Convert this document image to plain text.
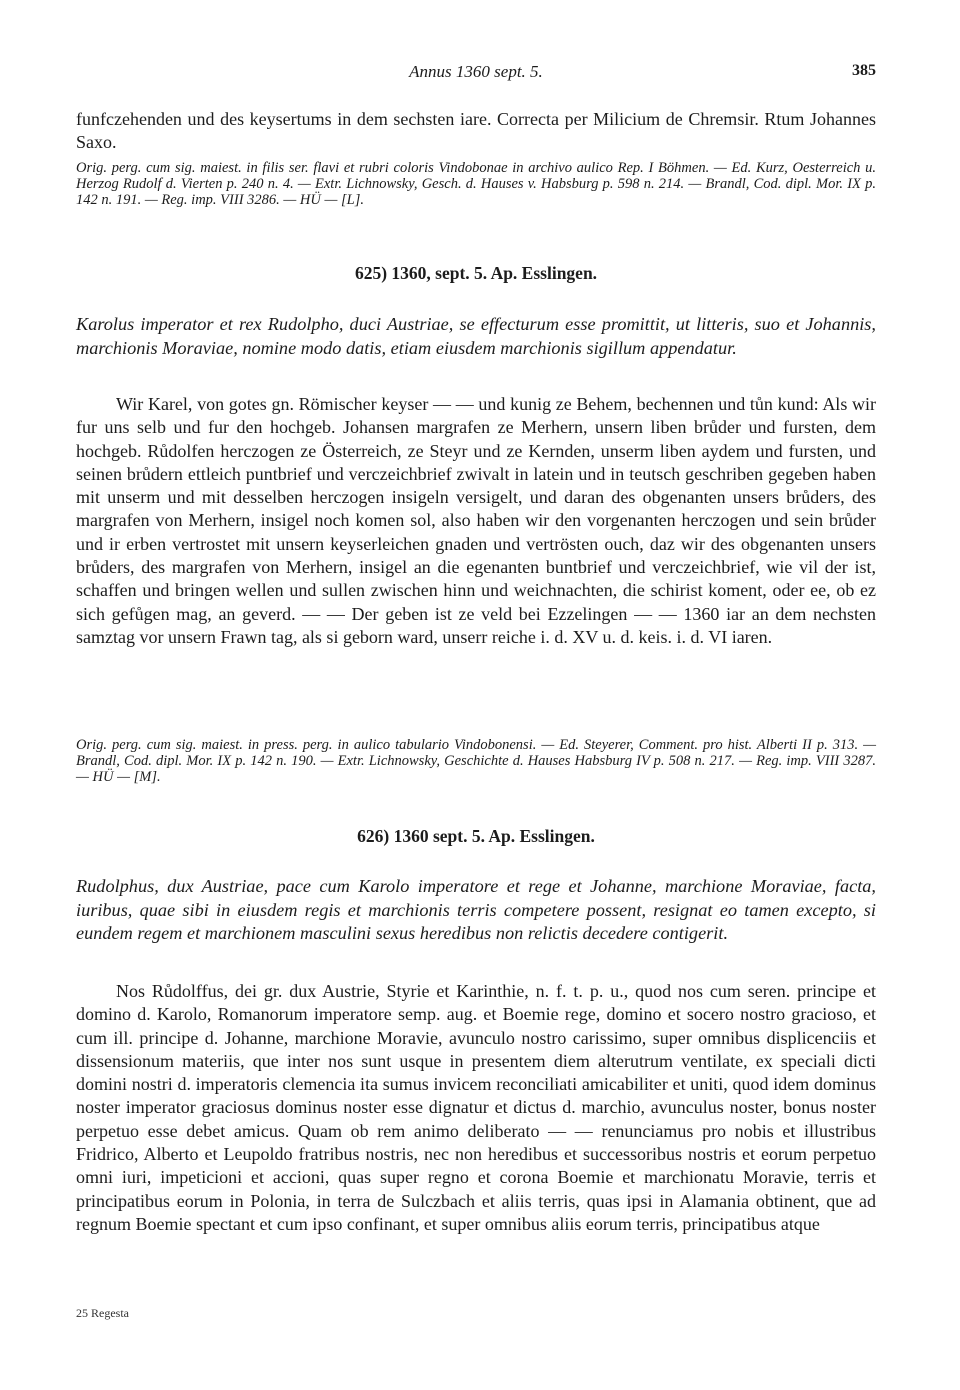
Annus 1360 sept. 5.	385
funfczehenden und des keysertums in dem sechsten iare. Correcta per Milicium de Chremsir. Rtum Johannes Saxo.
Orig. perg. cum sig. maiest. in filis ser. flavi et rubri coloris Vindobonae in archivo aulico Rep. I Böhmen. — Ed. Kurz, Oesterreich u. Herzog Rudolf d. Vierten p. 240 n. 4. — Extr. Lichnowsky, Gesch. d. Hauses v. Habsburg p. 598 n. 214. — Brandl, Cod. dipl. Mor. IX p. 142 n. 191. — Reg. imp. VIII 3286. — HÜ — [L].
625) 1360, sept. 5. Ap. Esslingen.
Karolus imperator et rex Rudolpho, duci Austriae, se effecturum esse promittit, ut litteris, suo et Johannis, marchionis Moraviae, nomine modo datis, etiam eiusdem marchionis sigillum appendatur.
Wir Karel, von gotes gn. Römischer keyser — — und kunig ze Behem, bechennen und tůn kund: Als wir fur uns selb und fur den hochgeb. Johansen margrafen ze Merhern, unsern liben brůder und fursten, dem hochgeb. Růdolfen herczogen ze Österreich, ze Steyr und ze Kernden, unserm liben aydem und fursten, und seinen brůdern ettleich puntbrief und verczeichbrief zwivalt in latein und in teutsch geschriben gegeben haben mit unserm und mit desselben herczogen insigeln versigelt, und daran des obgenanten unsers brůders, des margrafen von Merhern, insigel noch komen sol, also haben wir den vorgenanten herczogen und sein brůder und ir erben vertrostet mit unsern keyserleichen gnaden und vertrösten ouch, daz wir des obgenanten unsers brůders, des margrafen von Merhern, insigel an die egenanten buntbrief und verczeichbrief, wie vil der ist, schaffen und bringen wellen und sullen zwischen hinn und weichnachten, die schirist koment, oder ee, ob ez sich gefůgen mag, an geverd. — — Der geben ist ze veld bei Ezzelingen — — 1360 iar an dem nechsten samztag vor unsern Frawn tag, als si geborn ward, unserr reiche i. d. XV u. d. keis. i. d. VI iaren.
Orig. perg. cum sig. maiest. in press. perg. in aulico tabulario Vindobonensi. — Ed. Steyerer, Comment. pro hist. Alberti II p. 313. — Brandl, Cod. dipl. Mor. IX p. 142 n. 190. — Extr. Lichnowsky, Geschichte d. Hauses Habsburg IV p. 508 n. 217. — Reg. imp. VIII 3287. — HÜ — [M].
626) 1360 sept. 5. Ap. Esslingen.
Rudolphus, dux Austriae, pace cum Karolo imperatore et rege et Johanne, marchione Moraviae, facta, iuribus, quae sibi in eiusdem regis et marchionis terris competere possent, resignat eo tamen excepto, si eundem regem et marchionem masculini sexus heredibus non relictis decedere contigerit.
Nos Růdolffus, dei gr. dux Austrie, Styrie et Karinthie, n. f. t. p. u., quod nos cum seren. principe et domino d. Karolo, Romanorum imperatore semp. aug. et Boemie rege, domino et socero nostro gracioso, et cum ill. principe d. Johanne, marchione Moravie, avunculo nostro carissimo, super omnibus displicenciis et dissensionum materiis, que inter nos sunt usque in presentem diem alterutrum ventilate, ex speciali dicti domini nostri d. imperatoris clemencia ita sumus invicem reconciliati amicabiliter et uniti, quod idem dominus noster imperator graciosus dominus noster esse dignatur et dictus d. marchio, avunculus noster, bonus noster perpetuo esse debet amicus. Quam ob rem animo deliberato — — renunciamus pro nobis et illustribus Fridrico, Alberto et Leupoldo fratribus nostris, nec non heredibus et successoribus nostris et eorum perpetuo omni iuri, impeticioni et accioni, quas super regno et corona Boemie et marchionatu Moravie, terris et principatibus eorum in Polonia, in terra de Sulczbach et aliis terris, quas ipsi in Alamania obtinent, que ad regnum Boemie spectant et cum ipso confinant, et super omnibus aliis eorum terris, principatibus atque
25 Regesta
